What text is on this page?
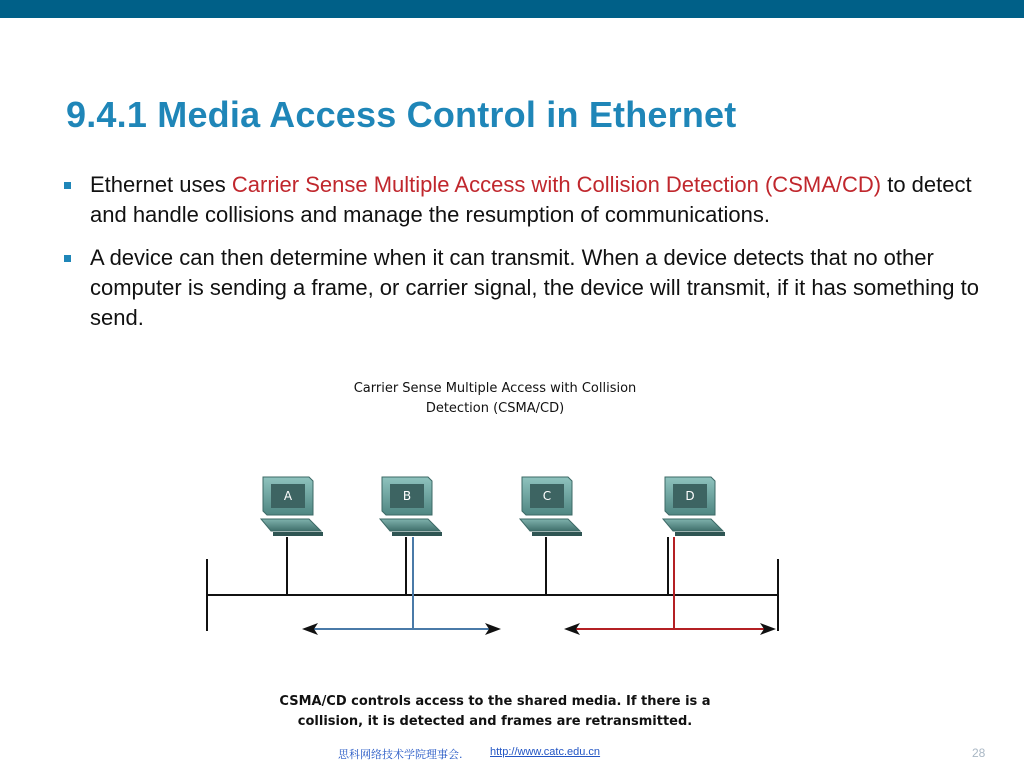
9.4.1 Media Access Control in Ethernet
Ethernet uses Carrier Sense Multiple Access with Collision Detection (CSMA/CD) to detect and handle collisions and manage the resumption of communications.
A device can then determine when it can transmit. When a device detects that no other computer is sending a frame, or carrier signal, the device will transmit, if it has something to send.
Carrier Sense Multiple Access with Collision
Detection (CSMA/CD)
A	B	C	D
CSMA/CD controls access to the shared media. If there is a
collision, it is detected and frames are retransmitted.
思科网络技术学院理事会.	http://www.catc.edu.cn	28
